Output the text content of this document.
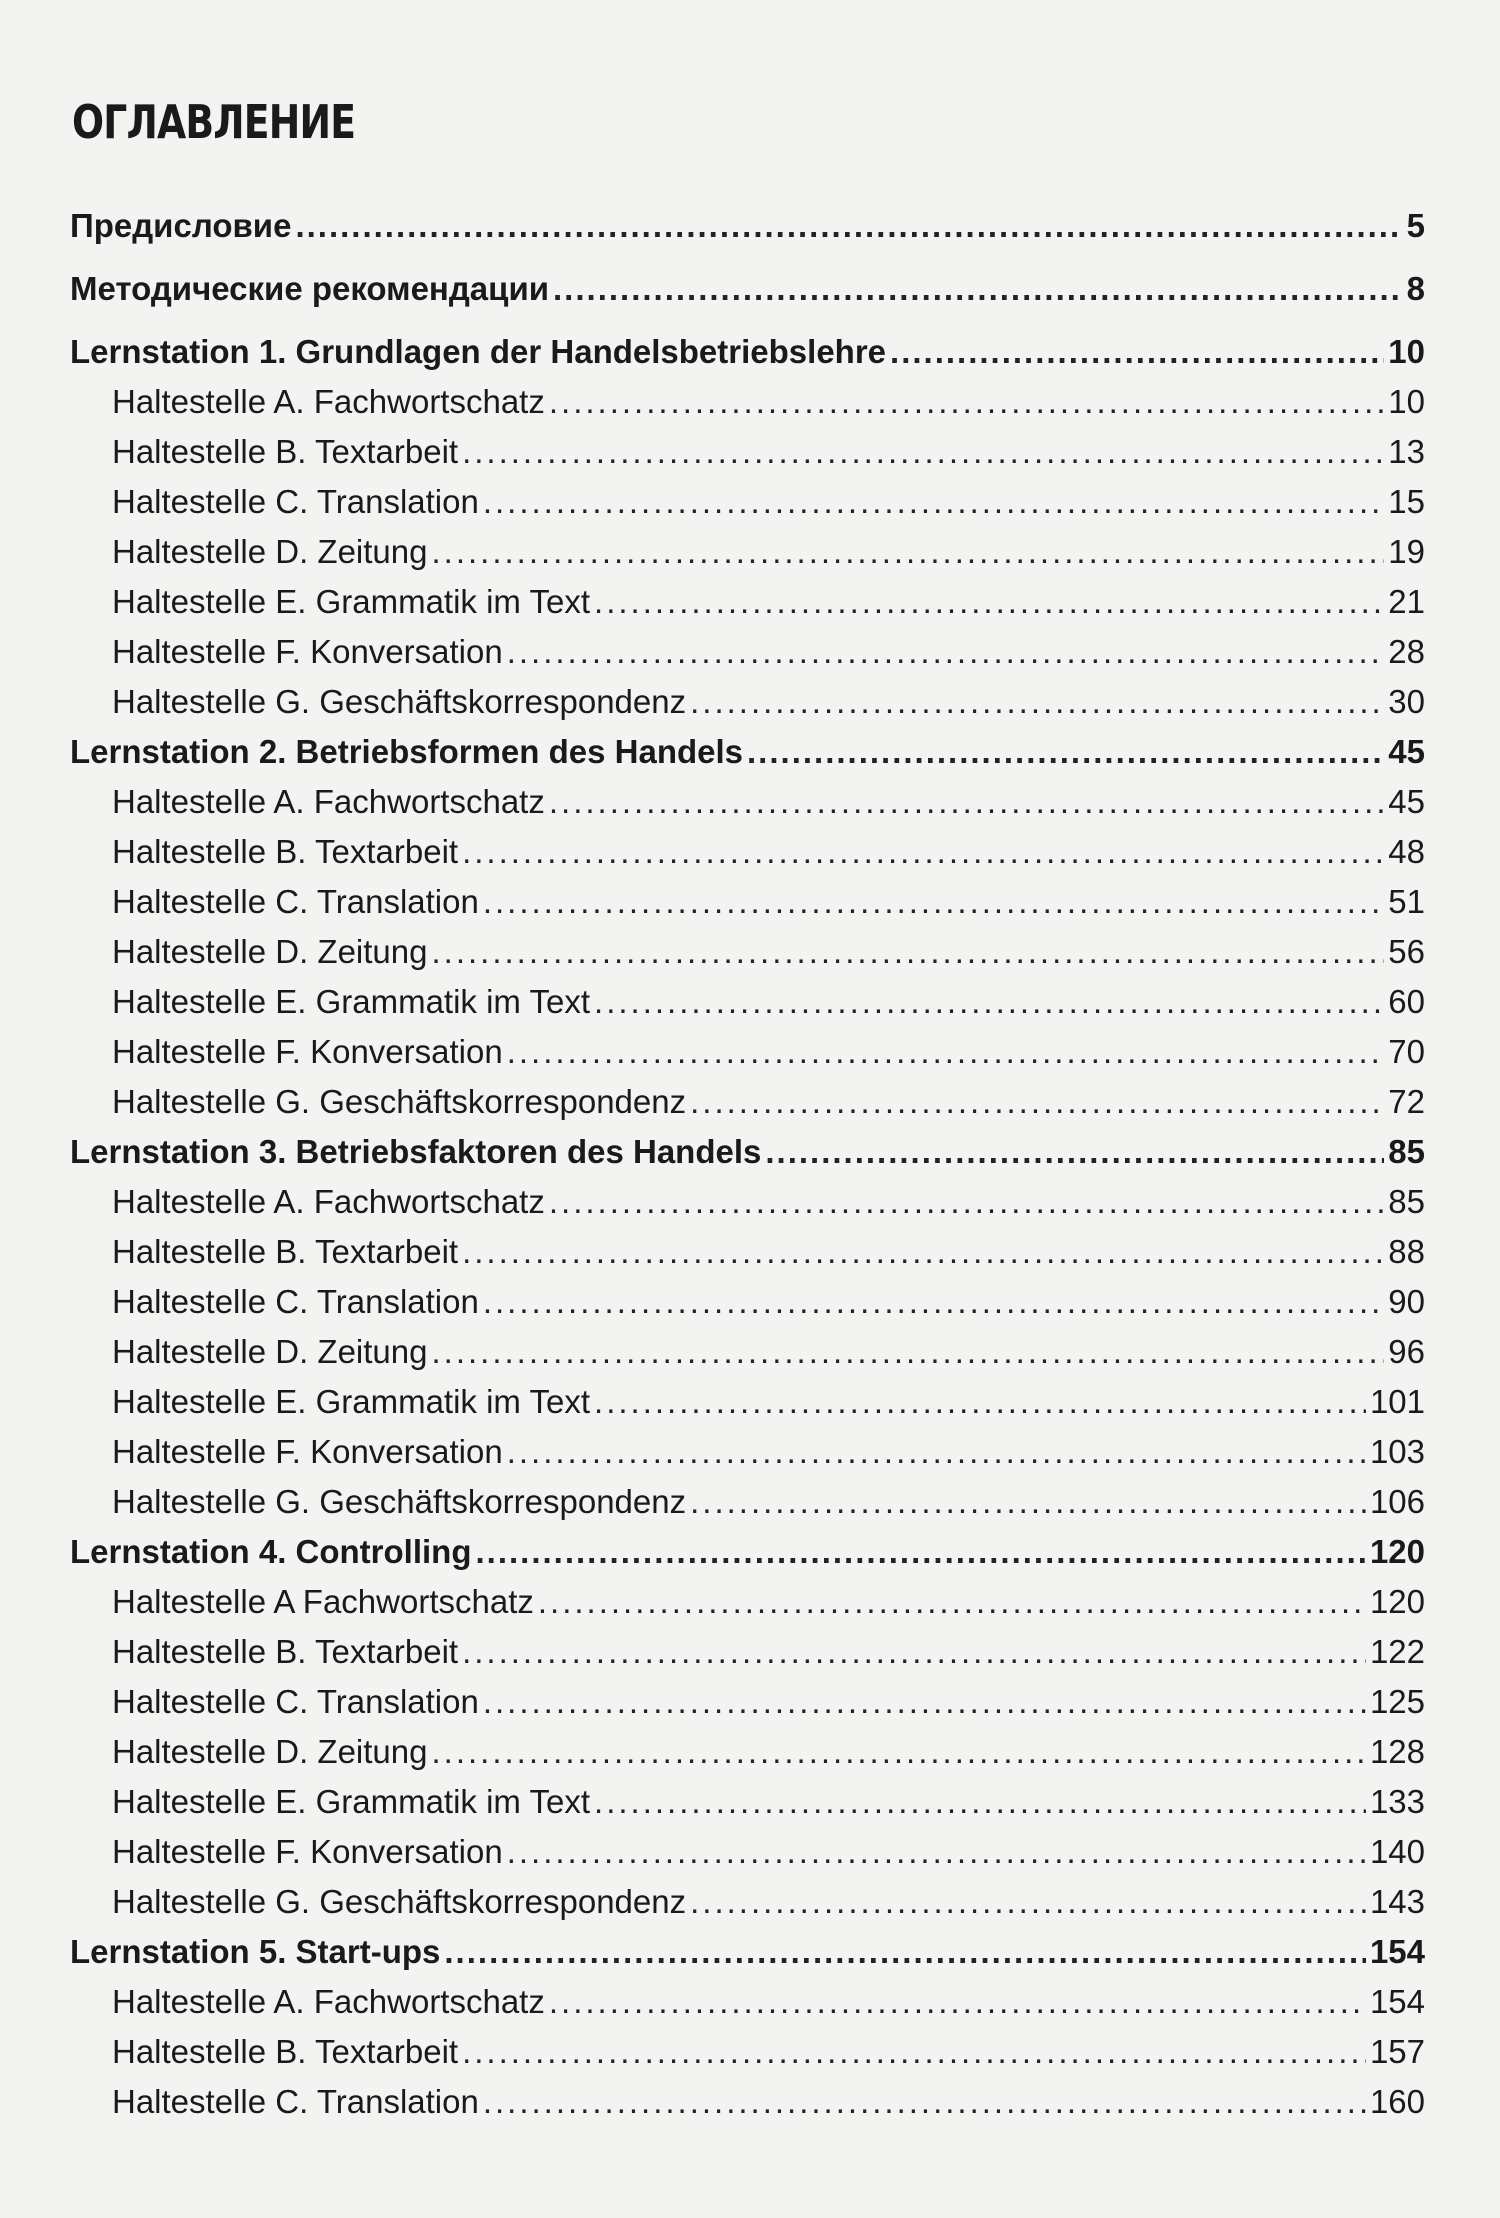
ОГЛАВЛЕНИЕ
Предисловие .....	5
Методические рекомендации .....	8
Lernstation 1. Grundlagen der Handelsbetriebslehre .....	10
Haltestelle A. Fachwortschatz .....	10
Haltestelle B. Textarbeit .....	13
Haltestelle C. Translation .....	15
Haltestelle D. Zeitung .....	19
Haltestelle E. Grammatik im Text .....	21
Haltestelle F. Konversation .....	28
Haltestelle G. Geschäftskorrespondenz .....	30
Lernstation 2. Betriebsformen des Handels .....	45
Haltestelle A. Fachwortschatz .....	45
Haltestelle B. Textarbeit .....	48
Haltestelle C. Translation .....	51
Haltestelle D. Zeitung .....	56
Haltestelle E. Grammatik im Text .....	60
Haltestelle F. Konversation .....	70
Haltestelle G. Geschäftskorrespondenz .....	72
Lernstation 3. Betriebsfaktoren des Handels .....	85
Haltestelle A. Fachwortschatz .....	85
Haltestelle B. Textarbeit .....	88
Haltestelle C. Translation .....	90
Haltestelle D. Zeitung .....	96
Haltestelle E. Grammatik im Text .....	101
Haltestelle F. Konversation .....	103
Haltestelle G. Geschäftskorrespondenz .....	106
Lernstation 4. Controlling .....	120
Haltestelle A Fachwortschatz .....	120
Haltestelle B. Textarbeit .....	122
Haltestelle C. Translation .....	125
Haltestelle D. Zeitung .....	128
Haltestelle E. Grammatik im Text .....	133
Haltestelle F. Konversation .....	140
Haltestelle G. Geschäftskorrespondenz .....	143
Lernstation 5. Start-ups .....	154
Haltestelle A. Fachwortschatz .....	154
Haltestelle B. Textarbeit .....	157
Haltestelle C. Translation .....	160
